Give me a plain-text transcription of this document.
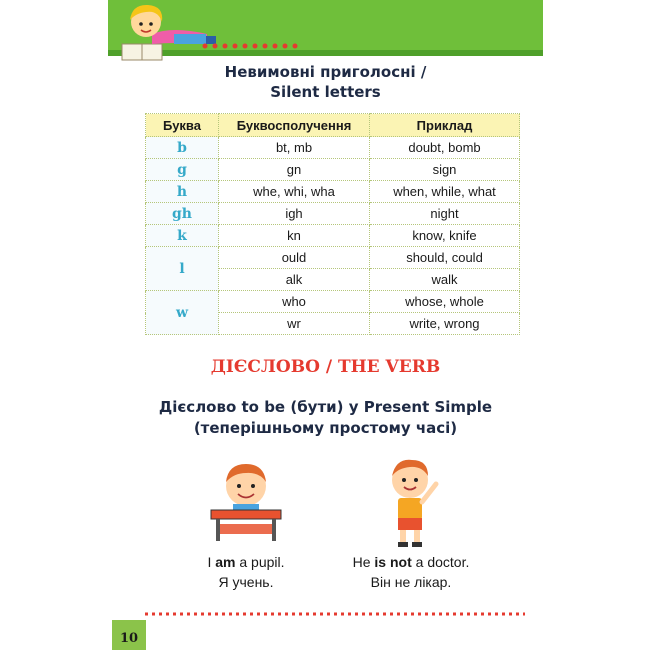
Невимовні приголосні /
Silent letters
Буква	Буквосполучення	Приклад
b	bt, mb	doubt, bomb
g	gn	sign
h	whe, whi, wha	when, while, what
gh	igh	night
k	kn	know, knife
l	ould	should, could
	alk	walk
w	who	whose, whole
	wr	write, wrong
ДІЄСЛОВО / THE VERB
Дієслово to be (бути) у Present Simple
(теперішньому простому часі)
I am a pupil.
Я учень.
He is not a doctor.
Він не лікар.
10
